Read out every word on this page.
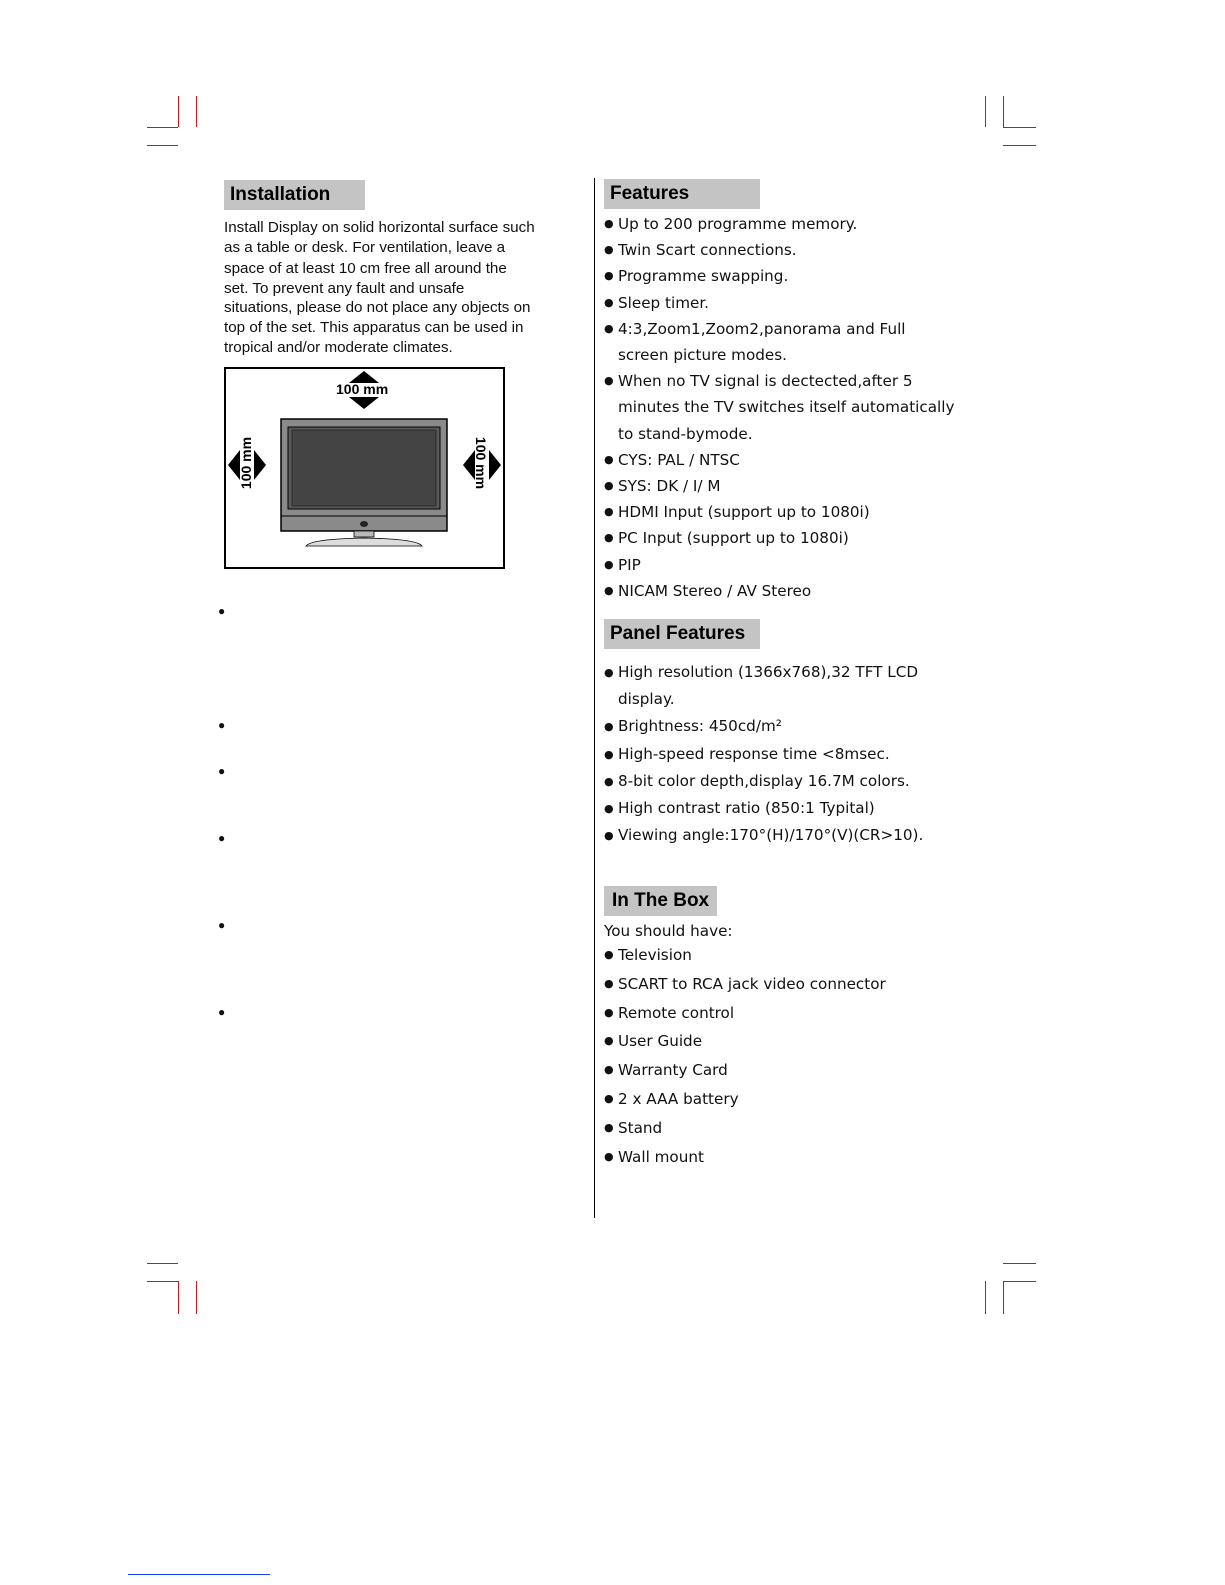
Installation
Install Display on solid horizontal surface such
as a table or desk. For ventilation, leave a
space of at least 10 cm free all around the
set. To prevent any fault and unsafe
situations, please do not place any objects on
top of the set. This apparatus can be used in
tropical and/or moderate climates.
100 mm
100 mm	100 mm
●
●
●
●
●
●
Features
● Up to 200 programme memory.
● Twin Scart connections.
● Programme swapping.
● Sleep timer.
● 4:3,Zoom1,Zoom2,panorama and Full
screen picture modes.
● When no TV signal is dectected,after 5
minutes the TV switches itself automatically
to stand-bymode.
● CYS: PAL / NTSC
● SYS: DK / I/ M
● HDMI Input (support up to 1080i)
● PC Input (support up to 1080i)
● PIP
● NICAM Stereo / AV Stereo
Panel Features
● High resolution (1366x768),32 TFT LCD
display.
● Brightness: 450cd/m²
● High-speed response time <8msec.
● 8-bit color depth,display 16.7M colors.
● High contrast ratio (850:1 Typital)
● Viewing angle:170°(H)/170°(V)(CR>10).
In The Box
You should have:
● Television
● SCART to RCA jack video connector
● Remote control
● User Guide
● Warranty Card
● 2 x AAA battery
● Stand
● Wall mount
